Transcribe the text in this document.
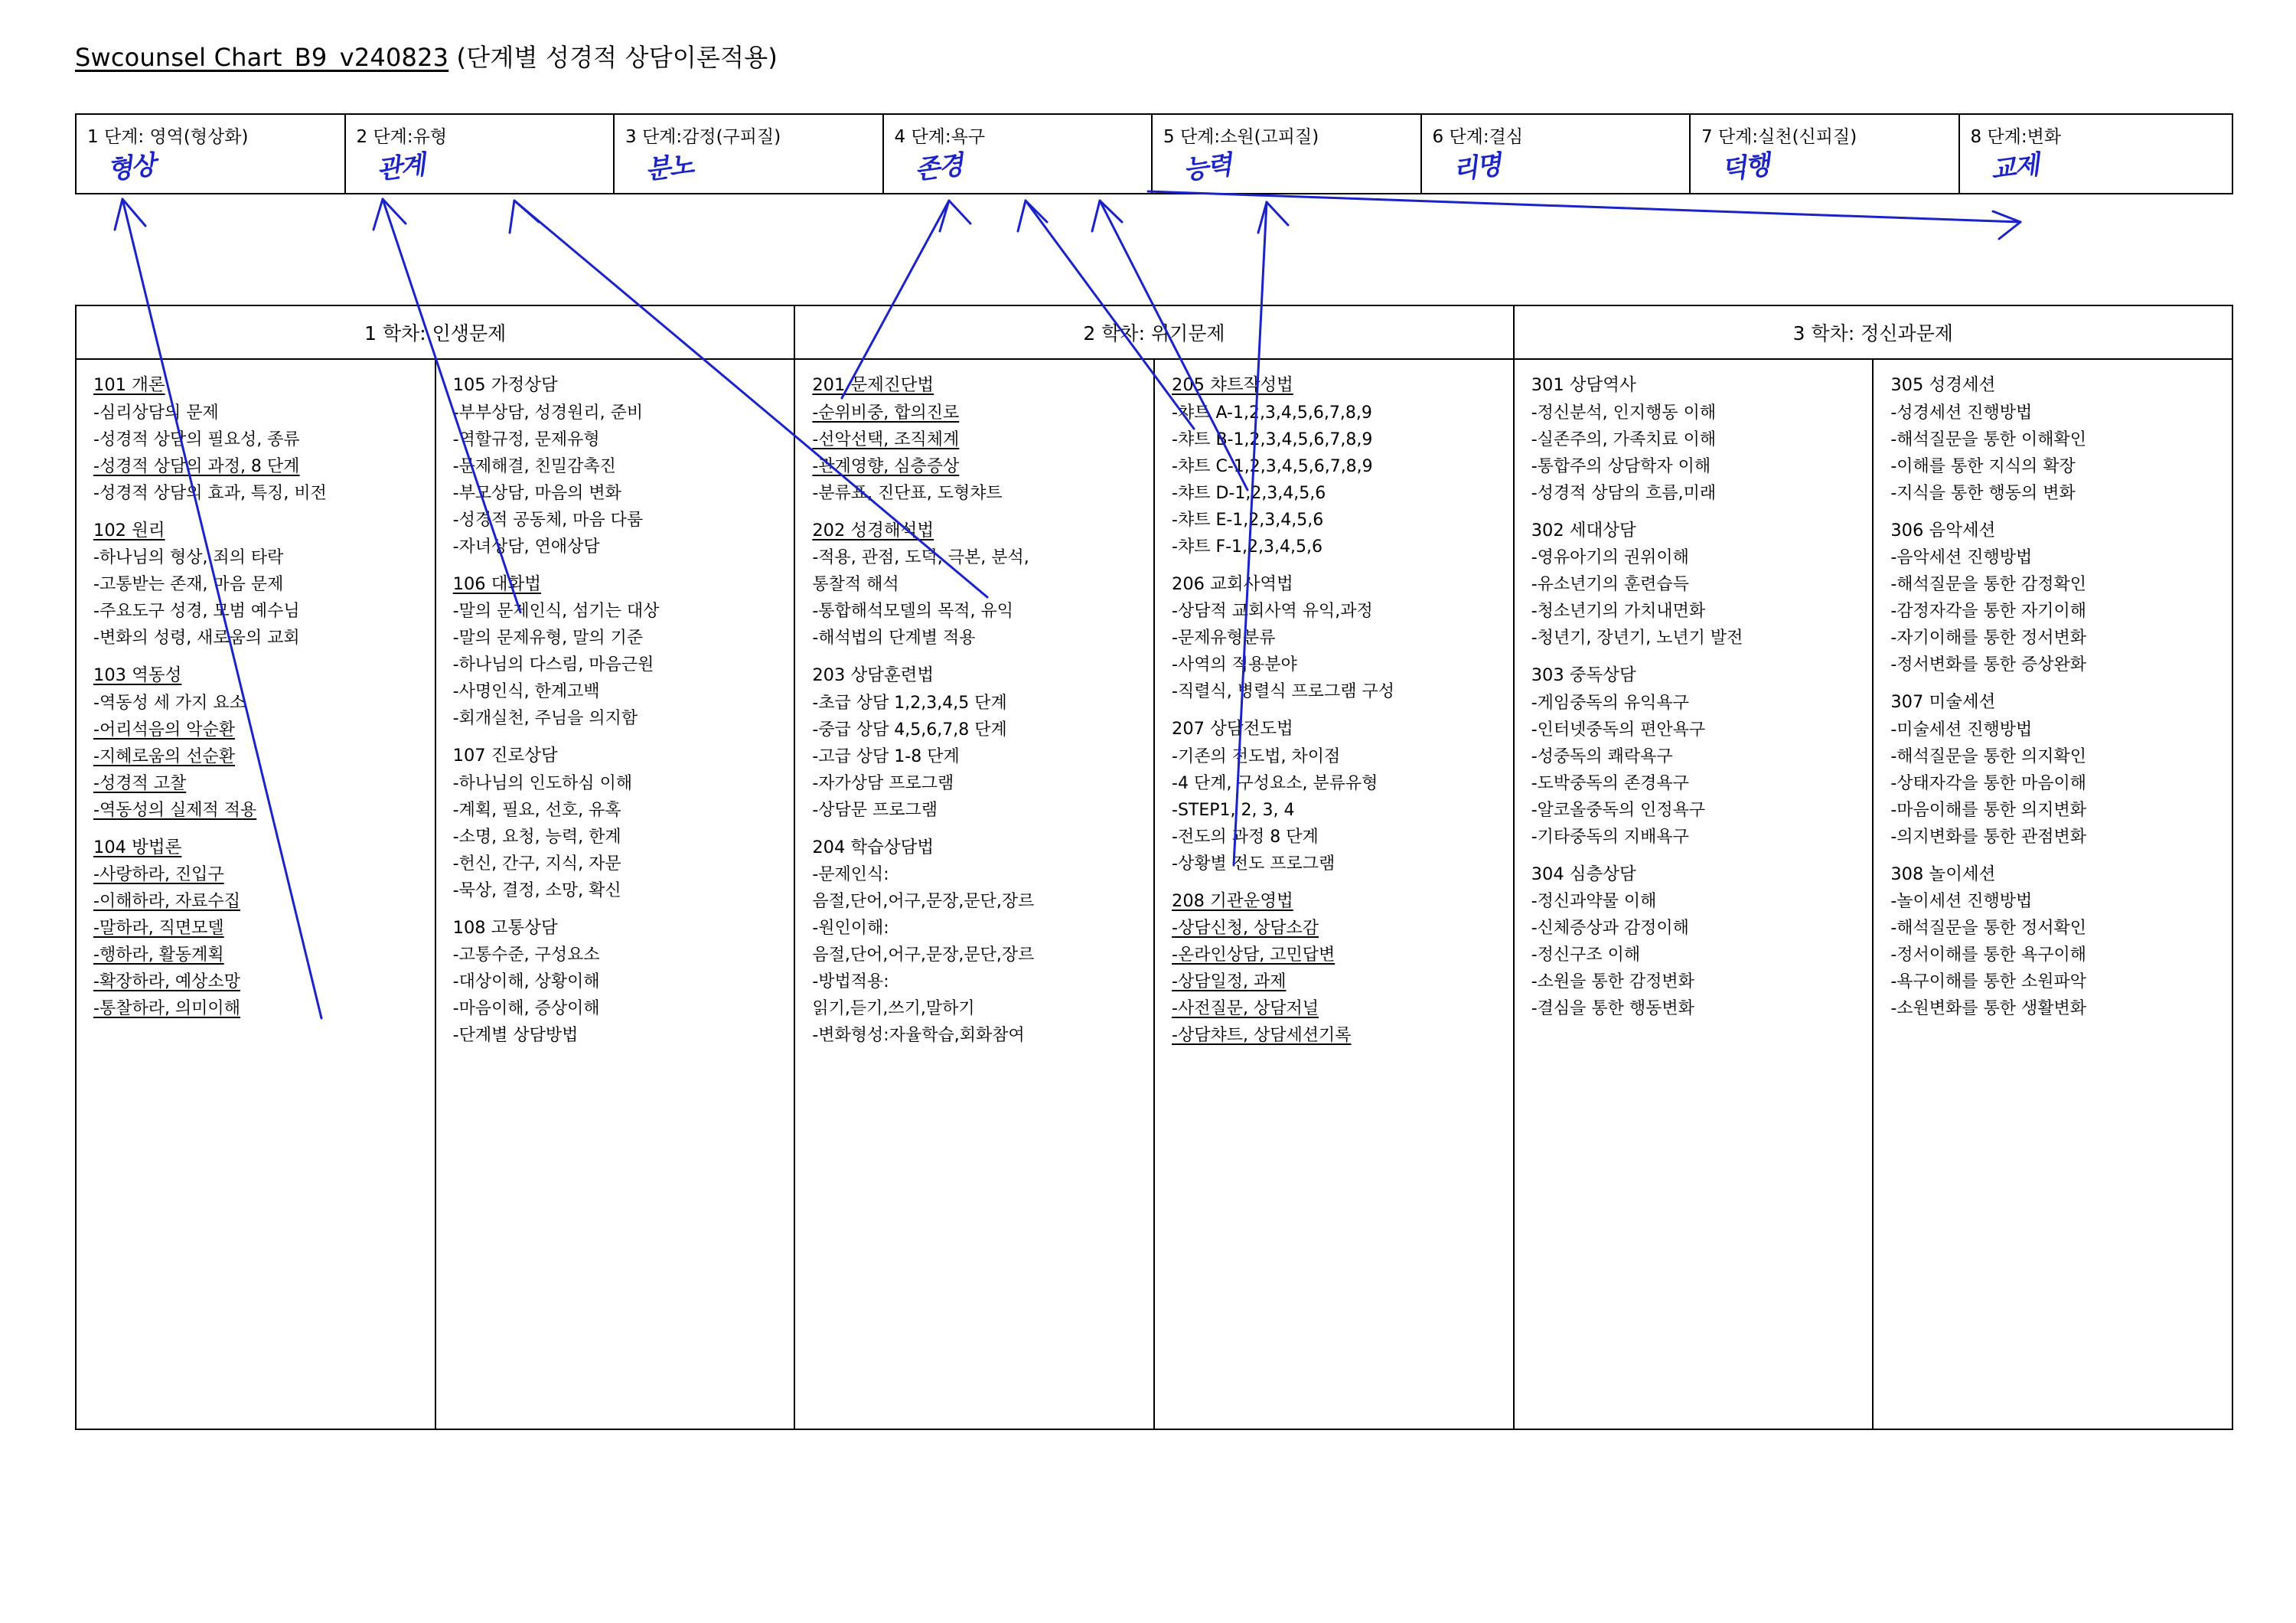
Swcounsel Chart_B9_v240823 (단계별 성경적 상담이론적용)
1 단계: 영역(형상화)
형상
2 단계:유형
관계
3 단계:감정(구피질)
분노
4 단계:욕구
존경
5 단계:소원(고피질)
능력
6 단계:결심
리명
7 단계:실천(신피질)
덕행
8 단계:변화
교제
1 학차: 인생문제	2 학차: 위기문제	3 학차: 정신과문제
101 개론
-심리상담의 문제
-성경적 상담의 필요성, 종류
-성경적 상담의 과정, 8 단계
-성경적 상담의 효과, 특징, 비전
102 원리
-하나님의 형상, 죄의 타락
-고통받는 존재, 마음 문제
-주요도구 성경, 모범 예수님
-변화의 성령, 새로움의 교회
103 역동성
-역동성 세 가지 요소
-어리석음의 악순환
-지혜로움의 선순환
-성경적 고찰
-역동성의 실제적 적용
104 방법론
-사랑하라, 진입구
-이해하라, 자료수집
-말하라, 직면모델
-행하라, 활동계획
-확장하라, 예상소망
-통찰하라, 의미이해
105 가정상담
-부부상담, 성경원리, 준비
-역할규정, 문제유형
-문제해결, 친밀감촉진
-부모상담, 마음의 변화
-성경적 공동체, 마음 다룸
-자녀상담, 연애상담
106 대화법
-말의 문제인식, 섬기는 대상
-말의 문제유형, 말의 기준
-하나님의 다스림, 마음근원
-사명인식, 한계고백
-회개실천, 주님을 의지함
107 진로상담
-하나님의 인도하심 이해
-계획, 필요, 선호, 유혹
-소명, 요청, 능력, 한계
-헌신, 간구, 지식, 자문
-묵상, 결정, 소망, 확신
108 고통상담
-고통수준, 구성요소
-대상이해, 상황이해
-마음이해, 증상이해
-단계별 상담방법
201 문제진단법
-순위비중, 합의진로
-선악선택, 조직체계
-관계영향, 심층증상
-분류표, 진단표, 도형챠트
202 성경해석법
-적용, 관점, 도덕, 극본, 분석,
통찰적 해석
-통합해석모델의 목적, 유익
-해석법의 단계별 적용
203 상담훈련법
-초급 상담 1,2,3,4,5 단계
-중급 상담 4,5,6,7,8 단계
-고급 상담 1-8 단계
-자가상담 프로그램
-상담문 프로그램
204 학습상담법
-문제인식:
음절,단어,어구,문장,문단,장르
-원인이해:
음절,단어,어구,문장,문단,장르
-방법적용:
읽기,듣기,쓰기,말하기
-변화형성:자율학습,회화참여
205 챠트작성법
-챠트 A-1,2,3,4,5,6,7,8,9
-챠트 B-1,2,3,4,5,6,7,8,9
-챠트 C-1,2,3,4,5,6,7,8,9
-챠트 D-1,2,3,4,5,6
-챠트 E-1,2,3,4,5,6
-챠트 F-1,2,3,4,5,6
206 교회사역법
-상담적 교회사역 유익,과정
-문제유형분류
-사역의 적용분야
-직렬식, 병렬식 프로그램 구성
207 상담전도법
-기존의 전도법, 차이점
-4 단계, 구성요소, 분류유형
-STEP1, 2, 3, 4
-전도의 과정 8 단계
-상황별 전도 프로그램
208 기관운영법
-상담신청, 상담소감
-온라인상담, 고민답변
-상담일정, 과제
-사전질문, 상담저널
-상담챠트, 상담세션기록
301 상담역사
-정신분석, 인지행동 이해
-실존주의, 가족치료 이해
-통합주의 상담학자 이해
-성경적 상담의 흐름,미래
302 세대상담
-영유아기의 권위이해
-유소년기의 훈련습득
-청소년기의 가치내면화
-청년기, 장년기, 노년기 발전
303 중독상담
-게임중독의 유익욕구
-인터넷중독의 편안욕구
-성중독의 쾌락욕구
-도박중독의 존경욕구
-알코올중독의 인정욕구
-기타중독의 지배욕구
304 심층상담
-정신과약물 이해
-신체증상과 감정이해
-정신구조 이해
-소원을 통한 감정변화
-결심을 통한 행동변화
305 성경세션
-성경세션 진행방법
-해석질문을 통한 이해확인
-이해를 통한 지식의 확장
-지식을 통한 행동의 변화
306 음악세션
-음악세션 진행방법
-해석질문을 통한 감정확인
-감정자각을 통한 자기이해
-자기이해를 통한 정서변화
-정서변화를 통한 증상완화
307 미술세션
-미술세션 진행방법
-해석질문을 통한 의지확인
-상태자각을 통한 마음이해
-마음이해를 통한 의지변화
-의지변화를 통한 관점변화
308 놀이세션
-놀이세션 진행방법
-해석질문을 통한 정서확인
-정서이해를 통한 욕구이해
-욕구이해를 통한 소원파악
-소원변화를 통한 생활변화
